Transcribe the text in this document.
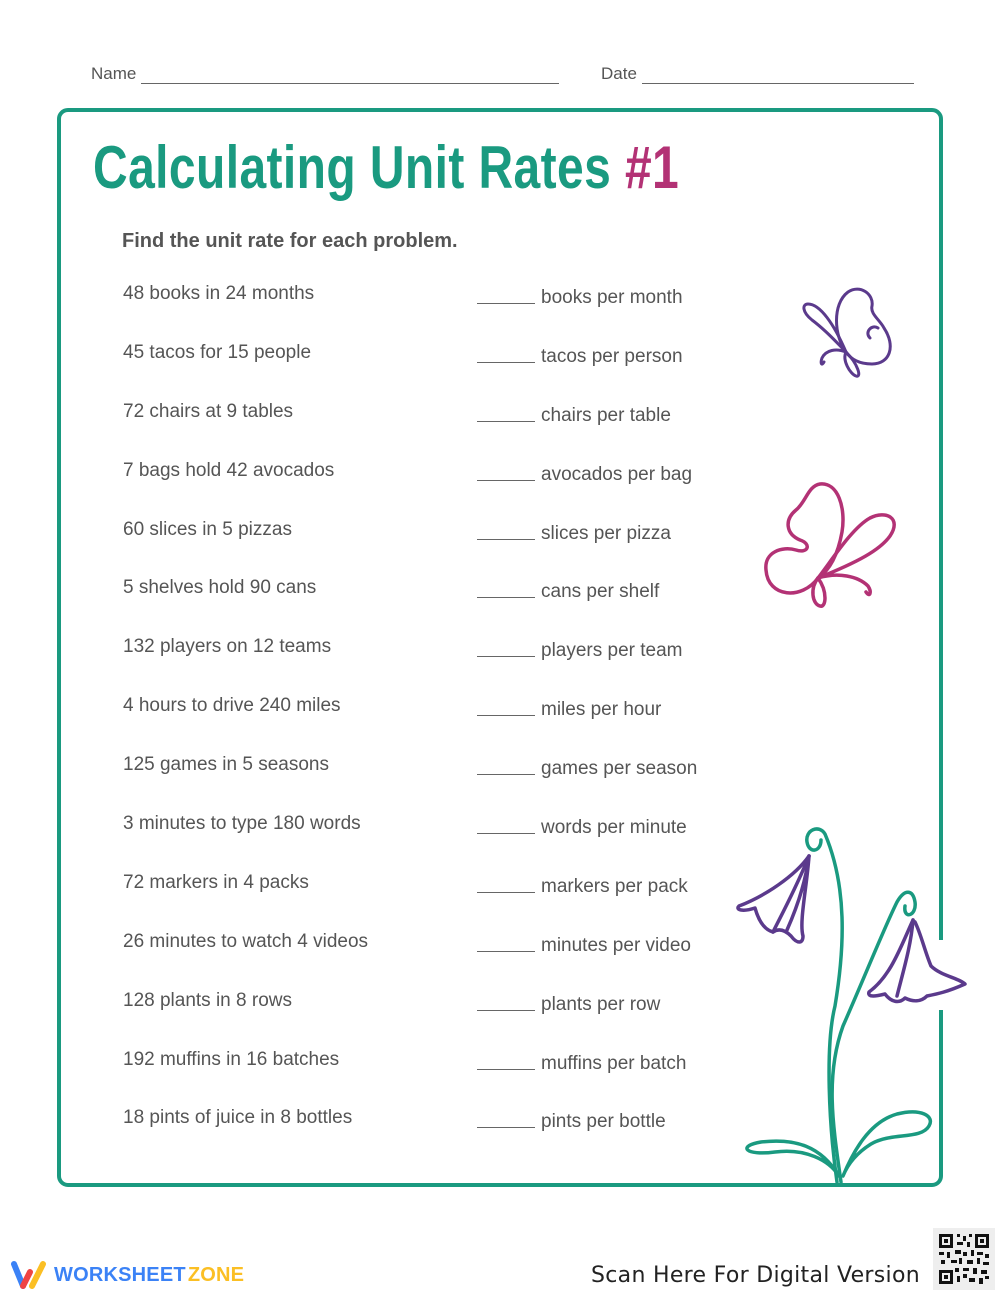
Name	Date
Calculating Unit Rates #1
Find the unit rate for each problem.
48 books in 24 months	books per month
45 tacos for 15 people	tacos per person
72 chairs at 9 tables	chairs per table
7 bags hold 42 avocados	avocados per bag
60 slices in 5 pizzas	slices per pizza
5 shelves hold 90 cans	cans per shelf
132 players on 12 teams	players per team
4 hours to drive 240 miles	miles per hour
125 games in 5 seasons	games per season
3 minutes to type 180 words	words per minute
72 markers in 4 packs	markers per pack
26 minutes to watch 4 videos	minutes per video
128 plants in 8 rows	plants per row
192 muffins in 16 batches	muffins per batch
18 pints of juice in 8 bottles	pints per bottle
WORKSHEET ZONE	Scan Here For Digital Version
